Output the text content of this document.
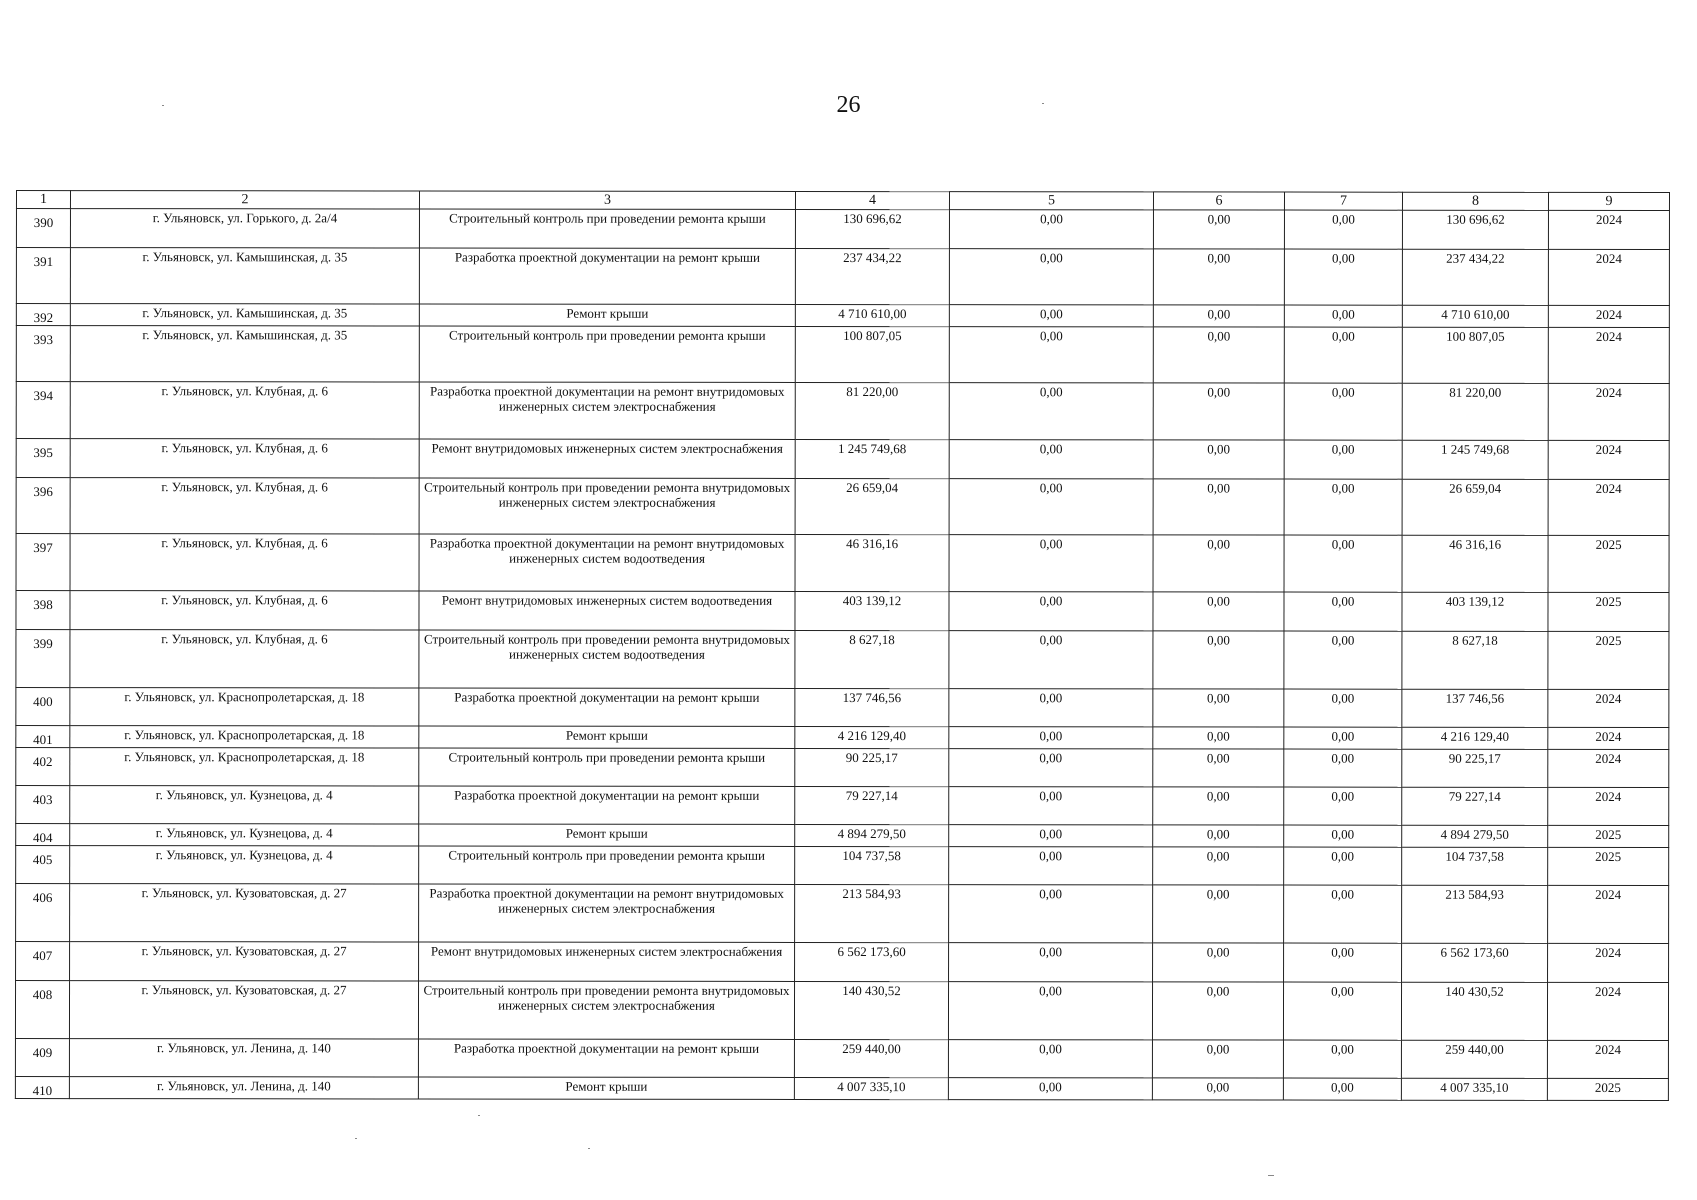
26
1	2	3	4	5	6	7	8	9
390	г. Ульяновск, ул. Горького, д. 2а/4	Строительный контроль при проведении ремонта крыши	130 696,62	0,00	0,00	0,00	130 696,62	2024
391	г. Ульяновск, ул. Камышинская, д. 35	Разработка проектной документации на ремонт крыши	237 434,22	0,00	0,00	0,00	237 434,22	2024
392	г. Ульяновск, ул. Камышинская, д. 35	Ремонт крыши	4 710 610,00	0,00	0,00	0,00	4 710 610,00	2024
393	г. Ульяновск, ул. Камышинская, д. 35	Строительный контроль при проведении ремонта крыши	100 807,05	0,00	0,00	0,00	100 807,05	2024
394	г. Ульяновск, ул. Клубная, д. 6	Разработка проектной документации на ремонт внутридомовых инженерных систем электроснабжения	81 220,00	0,00	0,00	0,00	81 220,00	2024
395	г. Ульяновск, ул. Клубная, д. 6	Ремонт внутридомовых инженерных систем электроснабжения	1 245 749,68	0,00	0,00	0,00	1 245 749,68	2024
396	г. Ульяновск, ул. Клубная, д. 6	Строительный контроль при проведении ремонта внутридомовых инженерных систем электроснабжения	26 659,04	0,00	0,00	0,00	26 659,04	2024
397	г. Ульяновск, ул. Клубная, д. 6	Разработка проектной документации на ремонт внутридомовых инженерных систем водоотведения	46 316,16	0,00	0,00	0,00	46 316,16	2025
398	г. Ульяновск, ул. Клубная, д. 6	Ремонт внутридомовых инженерных систем водоотведения	403 139,12	0,00	0,00	0,00	403 139,12	2025
399	г. Ульяновск, ул. Клубная, д. 6	Строительный контроль при проведении ремонта внутридомовых инженерных систем водоотведения	8 627,18	0,00	0,00	0,00	8 627,18	2025
400	г. Ульяновск, ул. Краснопролетарская, д. 18	Разработка проектной документации на ремонт крыши	137 746,56	0,00	0,00	0,00	137 746,56	2024
401	г. Ульяновск, ул. Краснопролетарская, д. 18	Ремонт крыши	4 216 129,40	0,00	0,00	0,00	4 216 129,40	2024
402	г. Ульяновск, ул. Краснопролетарская, д. 18	Строительный контроль при проведении ремонта крыши	90 225,17	0,00	0,00	0,00	90 225,17	2024
403	г. Ульяновск, ул. Кузнецова, д. 4	Разработка проектной документации на ремонт крыши	79 227,14	0,00	0,00	0,00	79 227,14	2024
404	г. Ульяновск, ул. Кузнецова, д. 4	Ремонт крыши	4 894 279,50	0,00	0,00	0,00	4 894 279,50	2025
405	г. Ульяновск, ул. Кузнецова, д. 4	Строительный контроль при проведении ремонта крыши	104 737,58	0,00	0,00	0,00	104 737,58	2025
406	г. Ульяновск, ул. Кузоватовская, д. 27	Разработка проектной документации на ремонт внутридомовых инженерных систем электроснабжения	213 584,93	0,00	0,00	0,00	213 584,93	2024
407	г. Ульяновск, ул. Кузоватовская, д. 27	Ремонт внутридомовых инженерных систем электроснабжения	6 562 173,60	0,00	0,00	0,00	6 562 173,60	2024
408	г. Ульяновск, ул. Кузоватовская, д. 27	Строительный контроль при проведении ремонта внутридомовых инженерных систем электроснабжения	140 430,52	0,00	0,00	0,00	140 430,52	2024
409	г. Ульяновск, ул. Ленина, д. 140	Разработка проектной документации на ремонт крыши	259 440,00	0,00	0,00	0,00	259 440,00	2024
410	г. Ульяновск, ул. Ленина, д. 140	Ремонт крыши	4 007 335,10	0,00	0,00	0,00	4 007 335,10	2025
